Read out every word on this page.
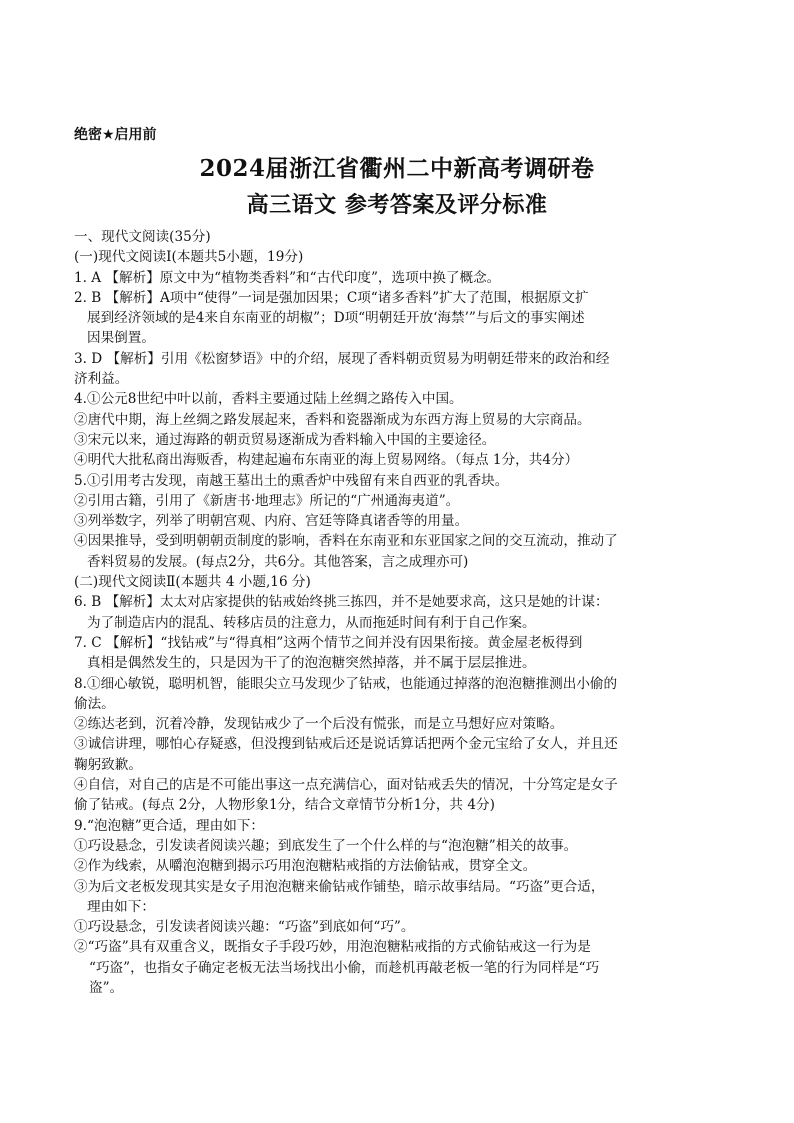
绝密★启用前
2024届浙江省衢州二中新高考调研卷
高三语文 参考答案及评分标准
一、现代文阅读(35分)
(一)现代文阅读Ⅰ(本题共5小题，19分)
1. A 【解析】原文中为“植物类香料”和“古代印度”，选项中换了概念。
2. B 【解析】A项中“使得”一词是强加因果；C项“诸多香料”扩大了范围，根据原文扩
展到经济领域的是4来自东南亚的胡椒”；D项“明朝廷开放‘海禁’”与后文的事实阐述
因果倒置。
3. D 【解析】引用《松窗梦语》中的介绍，展现了香料朝贡贸易为明朝廷带来的政治和经
济利益。
4.①公元8世纪中叶以前，香料主要通过陆上丝绸之路传入中国。
②唐代中期，海上丝绸之路发展起来，香料和瓷器渐成为东西方海上贸易的大宗商品。
③宋元以来，通过海路的朝贡贸易逐渐成为香料输入中国的主要途径。
④明代大批私商出海贩香，构建起遍布东南亚的海上贸易网络。（每点 1分，共4分）
5.①引用考古发现，南越王墓出土的熏香炉中残留有来自西亚的乳香块。
②引用古籍，引用了《新唐书·地理志》所记的“广州通海夷道”。
③列举数字，列举了明朝宫观、内府、宫廷等降真诸香等的用量。
④因果推导，受到明朝朝贡制度的影响，香料在东南亚和东亚国家之间的交互流动，推动了
香料贸易的发展。(每点2分，共6分。其他答案，言之成理亦可)
(二)现代文阅读Ⅱ(本题共 4 小题,16 分)
6. B 【解析】太太对店家提供的钻戒始终挑三拣四，并不是她要求高，这只是她的计谋：
为了制造店内的混乱、转移店员的注意力，从而拖延时间有利于自己作案。
7. C 【解析】“找钻戒”与“得真相”这两个情节之间并没有因果衔接。黄金屋老板得到
真相是偶然发生的，只是因为干了的泡泡糖突然掉落，并不属于层层推进。
8.①细心敏锐，聪明机智，能眼尖立马发现少了钻戒，也能通过掉落的泡泡糖推测出小偷的
偷法。
②练达老到，沉着冷静，发现钻戒少了一个后没有慌张，而是立马想好应对策略。
③诚信讲理，哪怕心存疑惑，但没搜到钻戒后还是说话算话把两个金元宝给了女人，并且还
鞠躬致歉。
④自信，对自己的店是不可能出事这一点充满信心，面对钻戒丢失的情况，十分笃定是女子
偷了钻戒。(每点 2分，人物形象1分，结合文章情节分析1分，共 4分)
9.“泡泡糖”更合适，理由如下：
①巧设悬念，引发读者阅读兴趣；到底发生了一个什么样的与“泡泡糖”相关的故事。
②作为线索，从嚼泡泡糖到揭示巧用泡泡糖粘戒指的方法偷钻戒，贯穿全文。
③为后文老板发现其实是女子用泡泡糖来偷钻戒作铺垫，暗示故事结局。“巧盗”更合适，
理由如下：
①巧设悬念，引发读者阅读兴趣：“巧盗”到底如何“巧”。
②“巧盗”具有双重含义，既指女子手段巧妙，用泡泡糖粘戒指的方式偷钻戒这一行为是
“巧盗”，也指女子确定老板无法当场找出小偷，而趁机再敲老板一笔的行为同样是“巧
盗”。
